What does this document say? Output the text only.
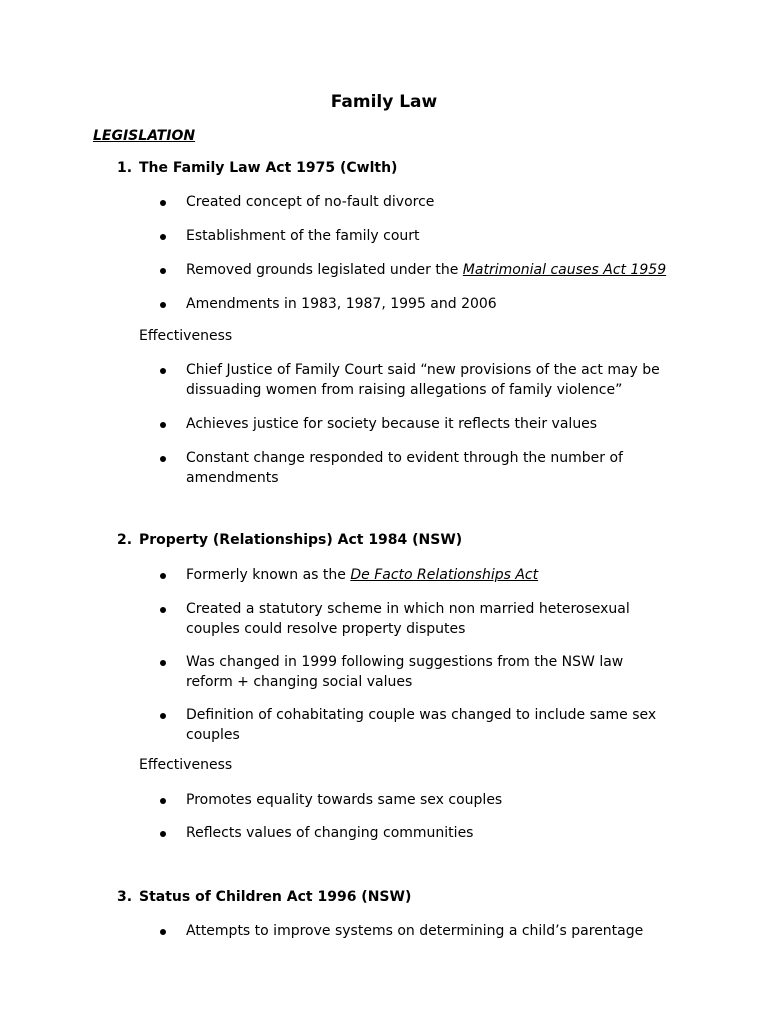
Family Law
LEGISLATION
1. The Family Law Act 1975 (Cwlth)
Created concept of no-fault divorce
Establishment of the family court
Removed grounds legislated under the Matrimonial causes Act 1959
Amendments in 1983, 1987, 1995 and 2006
Effectiveness
Chief Justice of Family Court said “new provisions of the act may be dissuading women from raising allegations of family violence”
Achieves justice for society because it reflects their values
Constant change responded to evident through the number of amendments
2. Property (Relationships) Act 1984 (NSW)
Formerly known as the De Facto Relationships Act
Created a statutory scheme in which non married heterosexual couples could resolve property disputes
Was changed in 1999 following suggestions from the NSW law reform + changing social values
Definition of cohabitating couple was changed to include same sex couples
Effectiveness
Promotes equality towards same sex couples
Reflects values of changing communities
3. Status of Children Act 1996 (NSW)
Attempts to improve systems on determining a child’s parentage
